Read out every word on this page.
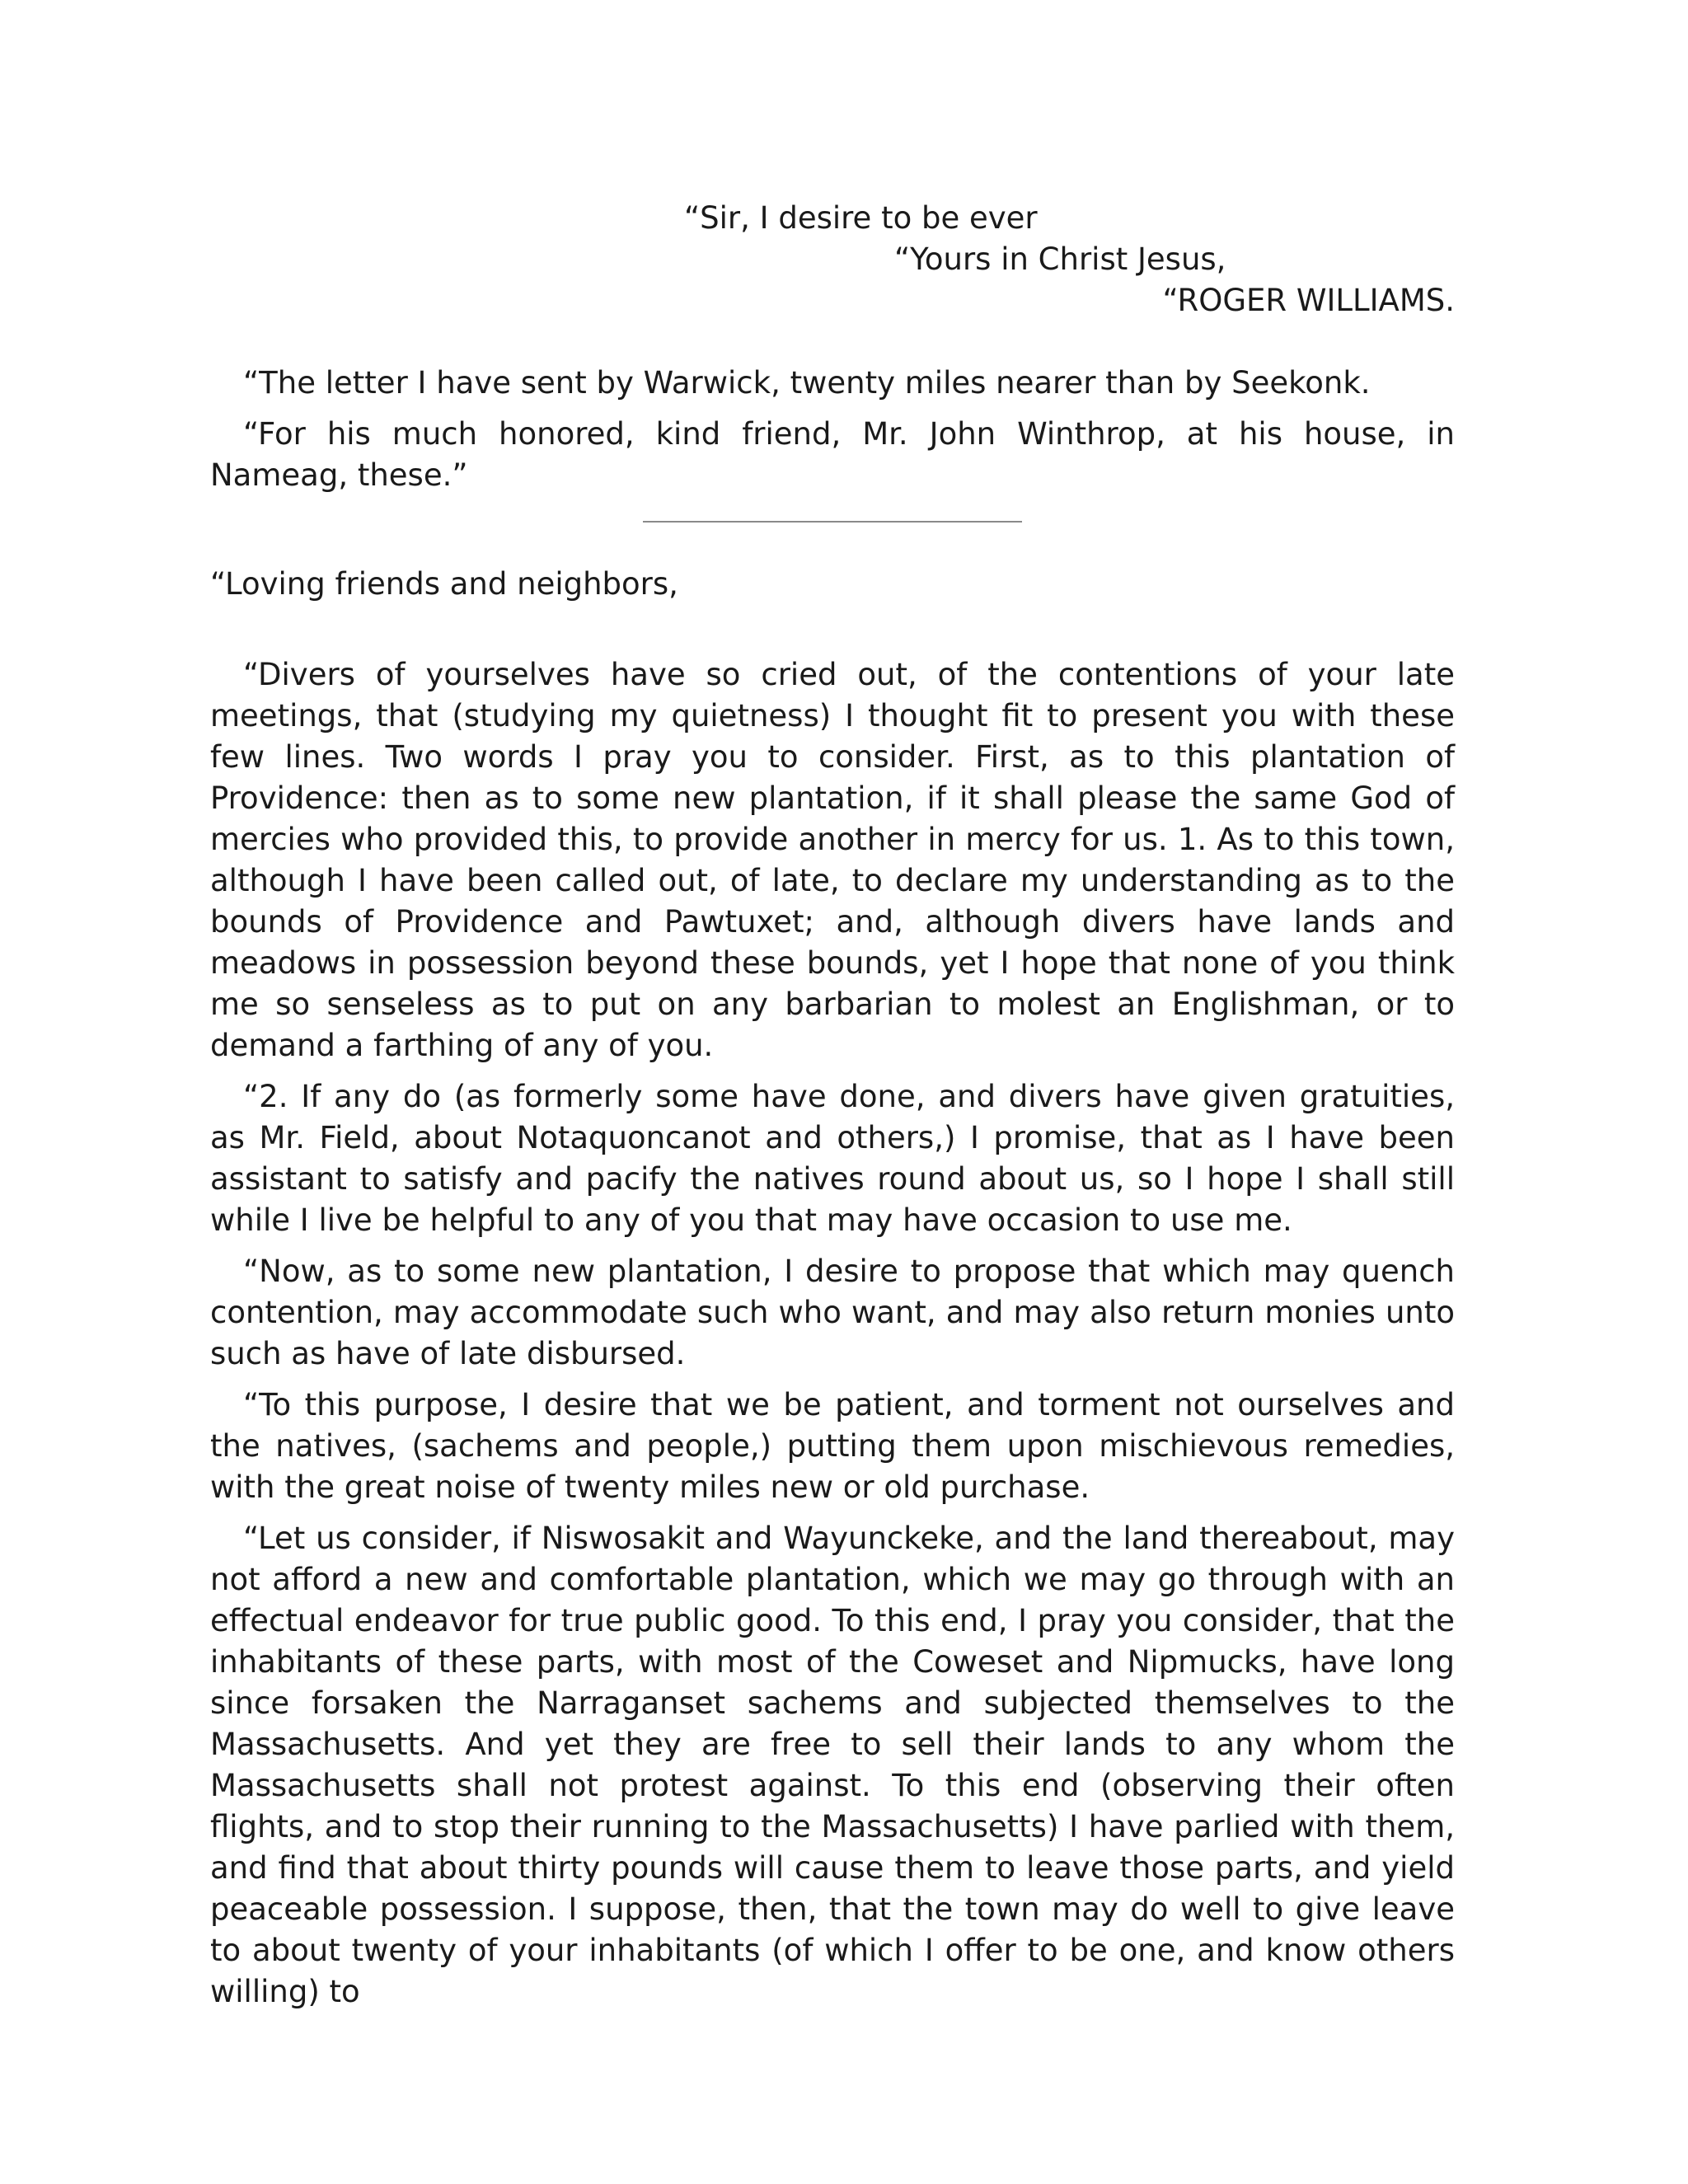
“Sir, I desire to be ever
“Yours in Christ Jesus,
“ROGER WILLIAMS.

“The letter I have sent by Warwick, twenty miles nearer than by Seekonk.

“For his much honored, kind friend, Mr. John Winthrop, at his house, in Nameag, these.”

“Loving friends and neighbors,

“Divers of yourselves have so cried out, of the contentions of your late meetings, that (studying my quietness) I thought fit to present you with these few lines. Two words I pray you to consider. First, as to this plantation of Providence: then as to some new plantation, if it shall please the same God of mercies who provided this, to provide another in mercy for us. 1. As to this town, although I have been called out, of late, to declare my understanding as to the bounds of Providence and Pawtuxet; and, although divers have lands and meadows in possession beyond these bounds, yet I hope that none of you think me so senseless as to put on any barbarian to molest an Englishman, or to demand a farthing of any of you.

“2. If any do (as formerly some have done, and divers have given gratuities, as Mr. Field, about Notaquoncanot and others,) I promise, that as I have been assistant to satisfy and pacify the natives round about us, so I hope I shall still while I live be helpful to any of you that may have occasion to use me.

“Now, as to some new plantation, I desire to propose that which may quench contention, may accommodate such who want, and may also return monies unto such as have of late disbursed.

“To this purpose, I desire that we be patient, and torment not ourselves and the natives, (sachems and people,) putting them upon mischievous remedies, with the great noise of twenty miles new or old purchase.

“Let us consider, if Niswosakit and Wayunckeke, and the land thereabout, may not afford a new and comfortable plantation, which we may go through with an effectual endeavor for true public good. To this end, I pray you consider, that the inhabitants of these parts, with most of the Coweset and Nipmucks, have long since forsaken the Narraganset sachems and subjected themselves to the Massachusetts. And yet they are free to sell their lands to any whom the Massachusetts shall not protest against. To this end (observing their often flights, and to stop their running to the Massachusetts) I have parlied with them, and find that about thirty pounds will cause them to leave those parts, and yield peaceable possession. I suppose, then, that the town may do well to give leave to about twenty of your inhabitants (of which I offer to be one, and know others willing) to
